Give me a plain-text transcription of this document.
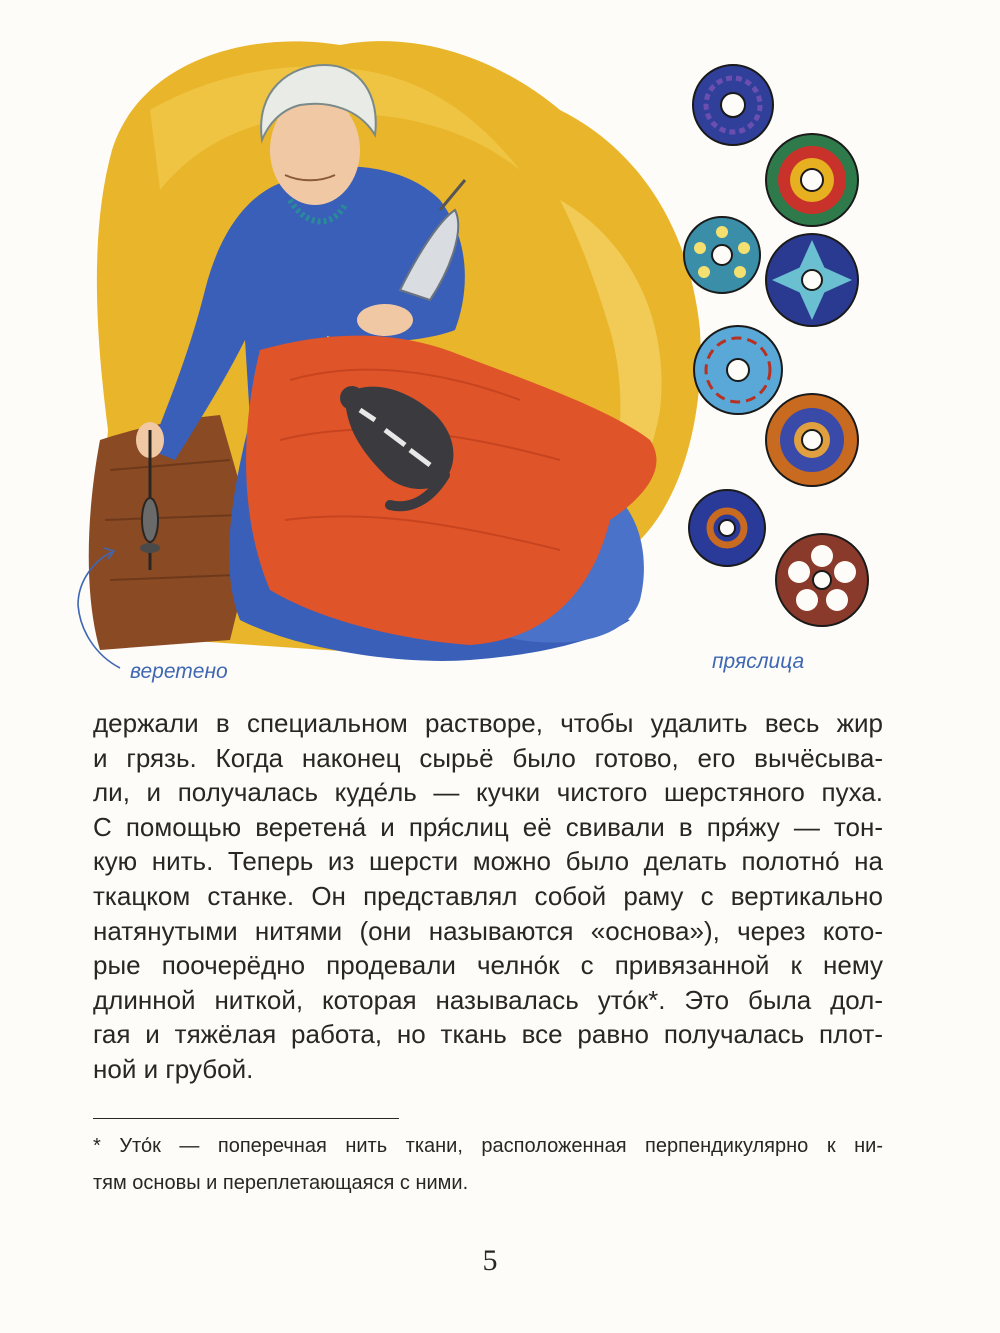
веретено	пряслица
держали в специальном растворе, чтобы удалить весь жир
и грязь. Когда наконец сырьё было готово, его вычёсыва-
ли, и получалась куде́ль — кучки чистого шерстяного пуха.
С помощью веретена́ и пря́слиц её свивали в пря́жу — тон-
кую нить. Теперь из шерсти можно было делать полотно́ на
ткацком станке. Он представлял собой раму с вертикально
натянутыми нитями (они называются «основа»), через кото-
рые поочерёдно продевали челно́к с привязанной к нему
длинной ниткой, которая называлась уто́к*. Это была дол-
гая и тяжёлая работа, но ткань все равно получалась плот-
ной и грубой.
* Уто́к — поперечная нить ткани, расположенная перпендикулярно к ни-
тям основы и переплетающаяся с ними.
5
